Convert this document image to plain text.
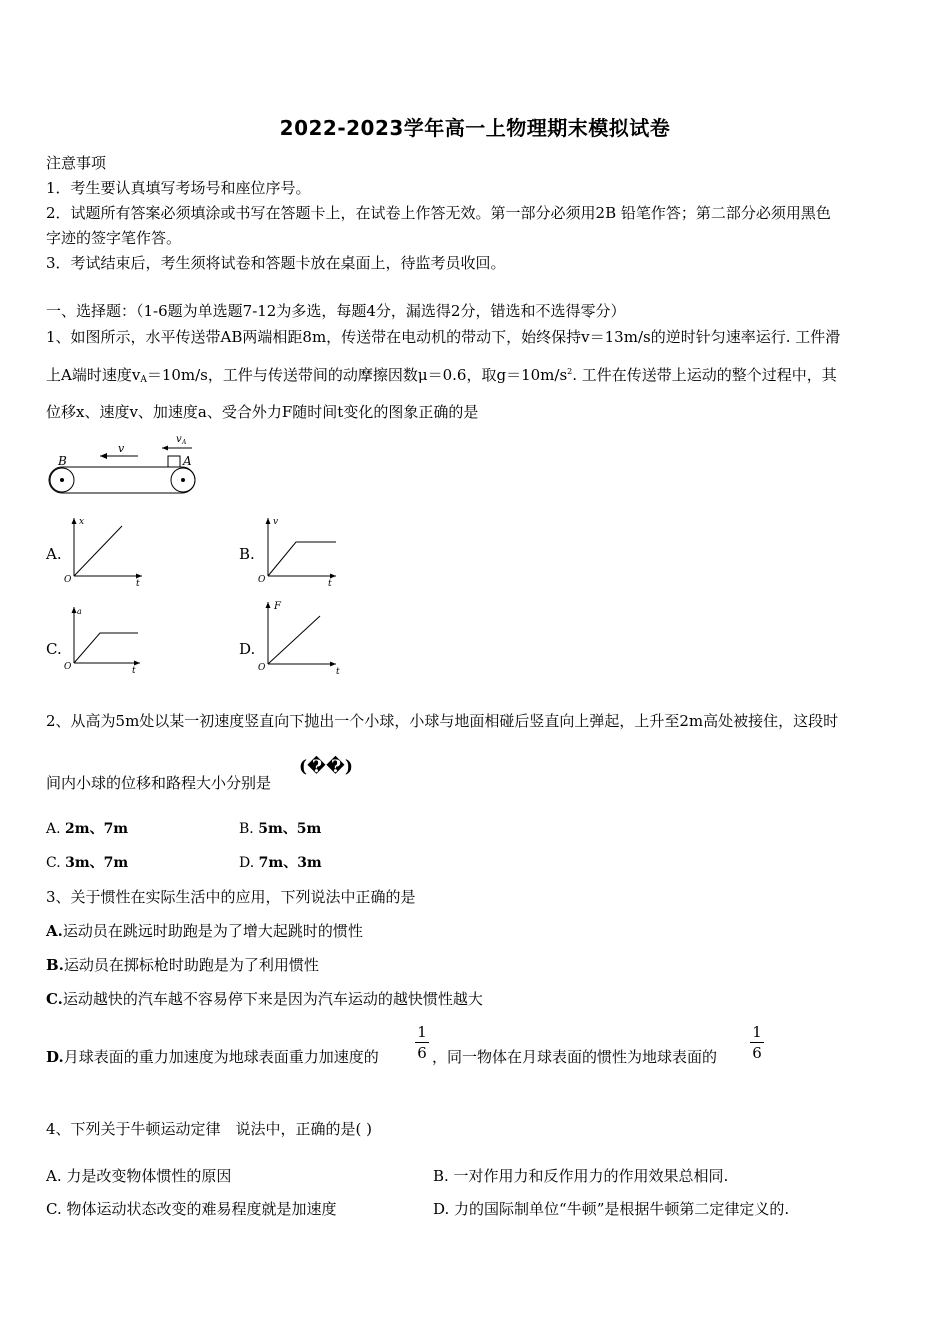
2022-2023学年高一上物理期末模拟试卷
注意事项
1．考生要认真填写考场号和座位序号。
2．试题所有答案必须填涂或书写在答题卡上，在试卷上作答无效。第一部分必须用2B 铅笔作答；第二部分必须用黑色
字迹的签字笔作答。
3．考试结束后，考生须将试卷和答题卡放在桌面上，待监考员收回。
一、选择题：（1-6题为单选题7-12为多选，每题4分，漏选得2分，错选和不选得零分）
1、如图所示，水平传送带AB两端相距8m，传送带在电动机的带动下，始终保持v＝13m/s的逆时针匀速率运行. 工件滑
上A端时速度$v_A=10m/s$，工件与传送带间的动摩擦因数μ＝0.6，取$g=10m/s^2$. 工件在传送带上运动的整个过程中，其
位移x、速度v、加速度a、受合外力F随时间t变化的图象正确的是
B	A
v
v A
A.
x
O	t
B.
v
O	t
C.
a
O	t
D.
F
O	t
2、从高为5m处以某一初速度竖直向下抛出一个小球，小球与地面相碰后竖直向上弹起，上升至2m高处被接住，这段时
间内小球的位移和路程大小分别是
(��)
A. 2m、7m	B. 5m、5m
C. 3m、7m	D. 7m、3m
3、关于惯性在实际生活中的应用，下列说法中正确的是
A.运动员在跳远时助跑是为了增大起跳时的惯性
B.运动员在掷标枪时助跑是为了利用惯性
C.运动越快的汽车越不容易停下来是因为汽车运动的越快惯性越大
D.月球表面的重力加速度为地球表面重力加速度的
1
6 ，同一物体在月球表面的惯性为地球表面的
1
6
4、下列关于牛顿运动定律　说法中，正确的是( )
A. 力是改变物体惯性的原因	B. 一对作用力和反作用力的作用效果总相同.
C. 物体运动状态改变的难易程度就是加速度	D. 力的国际制单位“牛顿”是根据牛顿第二定律定义的.
